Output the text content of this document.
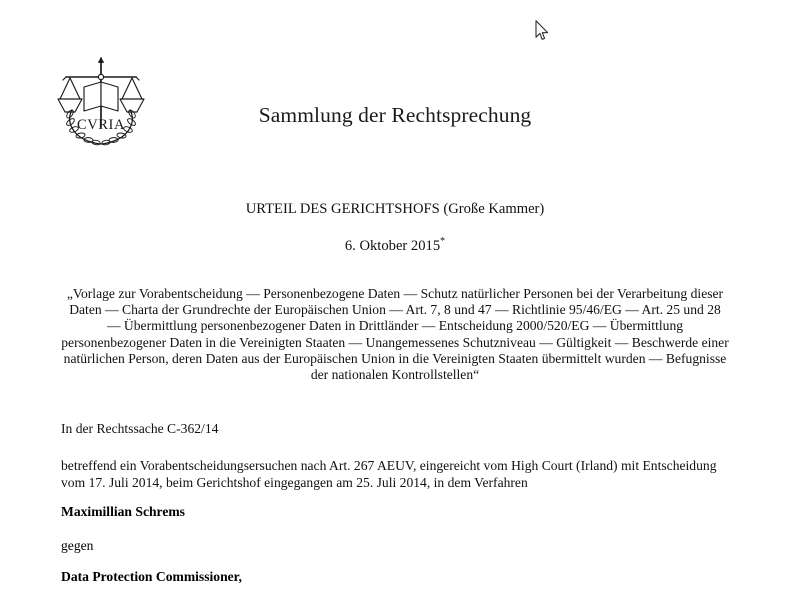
CVRIA	Sammlung der Rechtsprechung
URTEIL DES GERICHTSHOFS (Große Kammer)
6. Oktober 2015*
„Vorlage zur Vorabentscheidung — Personenbezogene Daten — Schutz natürlicher Personen bei der Verarbeitung dieser Daten — Charta der Grundrechte der Europäischen Union — Art. 7, 8 und 47 — Richtlinie 95/46/EG — Art. 25 und 28 — Übermittlung personenbezogener Daten in Drittländer — Entscheidung 2000/520/EG — Übermittlung personenbezogener Daten in die Vereinigten Staaten — Unangemessenes Schutzniveau — Gültigkeit — Beschwerde einer natürlichen Person, deren Daten aus der Europäischen Union in die Vereinigten Staaten übermittelt wurden — Befugnisse der nationalen Kontrollstellen“
In der Rechtssache C‑362/14
betreffend ein Vorabentscheidungsersuchen nach Art. 267 AEUV, eingereicht vom High Court (Irland) mit Entscheidung vom 17. Juli 2014, beim Gerichtshof eingegangen am 25. Juli 2014, in dem Verfahren
Maximillian Schrems
gegen
Data Protection Commissioner,
